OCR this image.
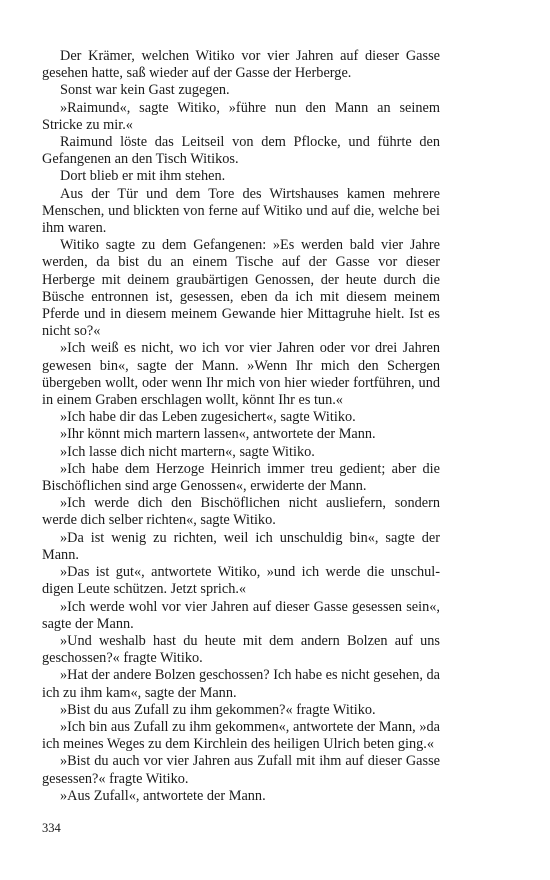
Der Krämer, welchen Witiko vor vier Jahren auf dieser Gasse gesehen hatte, saß wieder auf der Gasse der Herberge.

Sonst war kein Gast zugegen.

»Raimund«, sagte Witiko, »führe nun den Mann an seinem Stricke zu mir.«

Raimund löste das Leitseil von dem Pflocke, und führte den Gefangenen an den Tisch Witikos.

Dort blieb er mit ihm stehen.

Aus der Tür und dem Tore des Wirtshauses kamen mehrere Menschen, und blickten von ferne auf Witiko und auf die, welche bei ihm waren.

Witiko sagte zu dem Gefangenen: »Es werden bald vier Jahre werden, da bist du an einem Tische auf der Gasse vor dieser Herberge mit deinem graubärtigen Genossen, der heute durch die Büsche entronnen ist, gesessen, eben da ich mit diesem meinem Pferde und in diesem meinem Gewande hier Mittagruhe hielt. Ist es nicht so?«

»Ich weiß es nicht, wo ich vor vier Jahren oder vor drei Jahren gewesen bin«, sagte der Mann. »Wenn Ihr mich den Schergen übergeben wollt, oder wenn Ihr mich von hier wieder fortführen, und in einem Graben erschlagen wollt, könnt Ihr es tun.«

»Ich habe dir das Leben zugesichert«, sagte Witiko.

»Ihr könnt mich martern lassen«, antwortete der Mann.

»Ich lasse dich nicht martern«, sagte Witiko.

»Ich habe dem Herzoge Heinrich immer treu gedient; aber die Bischöflichen sind arge Genossen«, erwiderte der Mann.

»Ich werde dich den Bischöflichen nicht ausliefern, sondern werde dich selber richten«, sagte Witiko.

»Da ist wenig zu richten, weil ich unschuldig bin«, sagte der Mann.

»Das ist gut«, antwortete Witiko, »und ich werde die unschuldigen Leute schützen. Jetzt sprich.«

»Ich werde wohl vor vier Jahren auf dieser Gasse gesessen sein«, sagte der Mann.

»Und weshalb hast du heute mit dem andern Bolzen auf uns geschossen?« fragte Witiko.

»Hat der andere Bolzen geschossen? Ich habe es nicht gesehen, da ich zu ihm kam«, sagte der Mann.

»Bist du aus Zufall zu ihm gekommen?« fragte Witiko.

»Ich bin aus Zufall zu ihm gekommen«, antwortete der Mann, »da ich meines Weges zu dem Kirchlein des heiligen Ulrich beten ging.«

»Bist du auch vor vier Jahren aus Zufall mit ihm auf dieser Gasse gesessen?« fragte Witiko.

»Aus Zufall«, antwortete der Mann.

334
